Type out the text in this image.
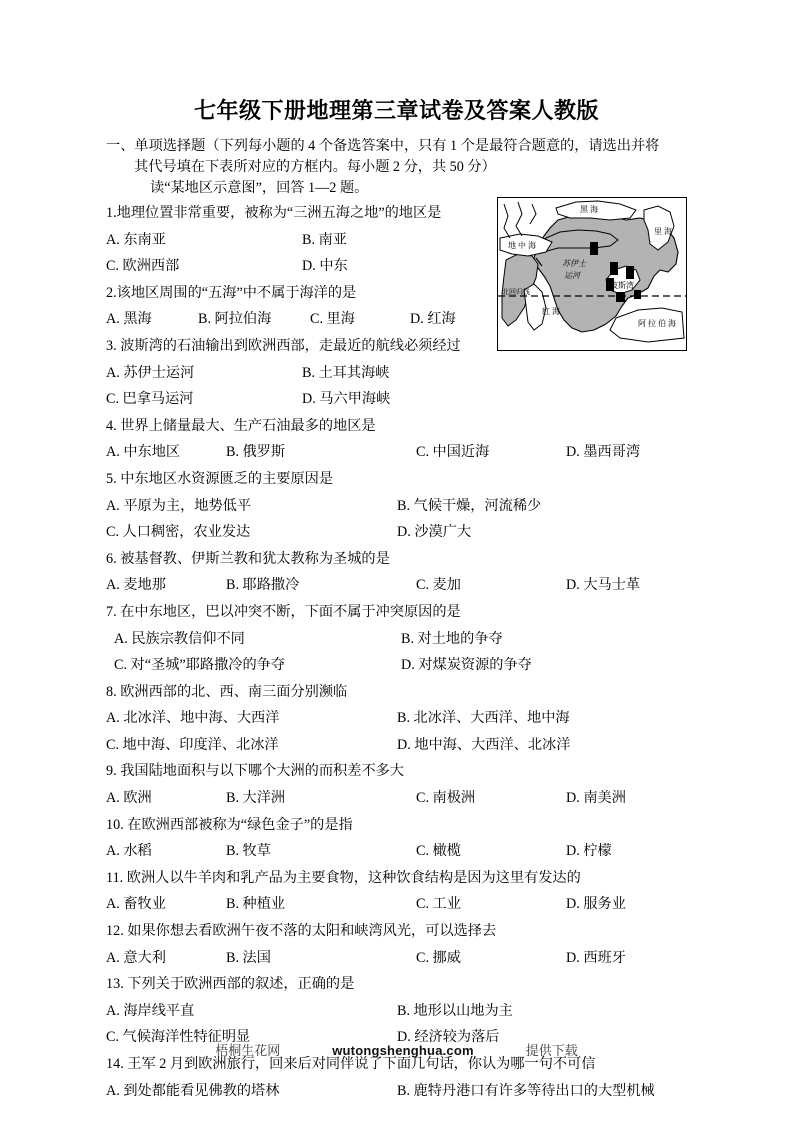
七年级下册地理第三章试卷及答案人教版
一、单项选择题（下列每小题的 4 个备选答案中，只有 1 个是最符合题意的，请选出并将
其代号填在下表所对应的方框内。每小题 2 分，共 50 分）
读“某地区示意图”，回答 1—2 题。
黑 海
里 海
地 中 海
苏伊士
运河
波斯湾
红 海
阿 拉 伯 海
北回归线
1.地理位置非常重要，被称为“三洲五海之地”的地区是
A. 东南亚	B. 南亚
C. 欧洲西部	D. 中东
2.该地区周围的“五海”中不属于海洋的是
A. 黑海	B. 阿拉伯海	C. 里海	D. 红海
3. 波斯湾的石油输出到欧洲西部，走最近的航线必须经过
A. 苏伊士运河	B. 土耳其海峡
C. 巴拿马运河	D. 马六甲海峡
4. 世界上储量最大、生产石油最多的地区是
A. 中东地区	B. 俄罗斯	C. 中国近海	D. 墨西哥湾
5. 中东地区水资源匮乏的主要原因是
A. 平原为主，地势低平	B. 气候干燥，河流稀少
C. 人口稠密，农业发达	D. 沙漠广大
6. 被基督教、伊斯兰教和犹太教称为圣城的是
A. 麦地那	B. 耶路撒冷	C. 麦加	D. 大马士革
7. 在中东地区，巴以冲突不断，下面不属于冲突原因的是
A. 民族宗教信仰不同	B. 对土地的争夺
C. 对“圣城”耶路撒冷的争夺	D. 对煤炭资源的争夺
8. 欧洲西部的北、西、南三面分别濒临
A. 北冰洋、地中海、大西洋	B. 北冰洋、大西洋、地中海
C. 地中海、印度洋、北冰洋	D. 地中海、大西洋、北冰洋
9. 我国陆地面积与以下哪个大洲的而积差不多大
A. 欧洲	B. 大洋洲	C. 南极洲	D. 南美洲
10. 在欧洲西部被称为“绿色金子”的是指
A. 水稻	B. 牧草	C. 橄榄	D. 柠檬
11. 欧洲人以牛羊肉和乳产品为主要食物，这种饮食结构是因为这里有发达的
A. 畜牧业	B. 种植业	C. 工业	D. 服务业
12. 如果你想去看欧洲午夜不落的太阳和峡湾风光，可以选择去
A. 意大利	B. 法国	C. 挪威	D. 西班牙
13. 下列关于欧洲西部的叙述，正确的是
A. 海岸线平直	B. 地形以山地为主
C. 气候海洋性特征明显	D. 经济较为落后
14. 王军 2 月到欧洲旅行，回来后对同伴说了下面几句话，你认为哪一句不可信
A. 到处都能看见佛教的塔林	B. 鹿特丹港口有许多等待出口的大型机械
梧桐生花网	wutongshenghua.com	提供下载
